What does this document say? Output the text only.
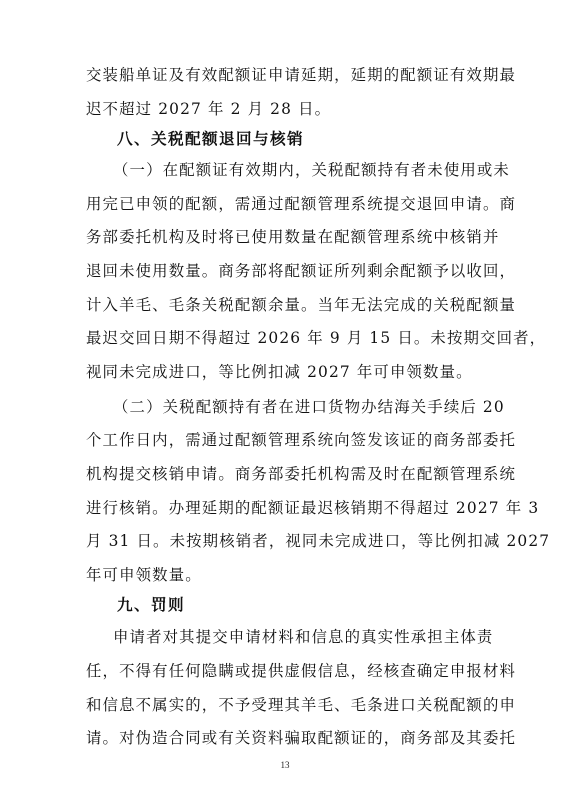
交装船单证及有效配额证申请延期，延期的配额证有效期最
迟不超过 2027 年 2 月 28 日。
八、关税配额退回与核销
（一）在配额证有效期内，关税配额持有者未使用或未
用完已申领的配额，需通过配额管理系统提交退回申请。商
务部委托机构及时将已使用数量在配额管理系统中核销并
退回未使用数量。商务部将配额证所列剩余配额予以收回，
计入羊毛、毛条关税配额余量。当年无法完成的关税配额量
最迟交回日期不得超过 2026 年 9 月 15 日。未按期交回者，
视同未完成进口，等比例扣减 2027 年可申领数量。
（二）关税配额持有者在进口货物办结海关手续后 20
个工作日内，需通过配额管理系统向签发该证的商务部委托
机构提交核销申请。商务部委托机构需及时在配额管理系统
进行核销。办理延期的配额证最迟核销期不得超过 2027 年 3
月 31 日。未按期核销者，视同未完成进口，等比例扣减 2027
年可申领数量。
九、罚则
申请者对其提交申请材料和信息的真实性承担主体责
任，不得有任何隐瞒或提供虚假信息，经核查确定申报材料
和信息不属实的，不予受理其羊毛、毛条进口关税配额的申
请。对伪造合同或有关资料骗取配额证的，商务部及其委托
13
